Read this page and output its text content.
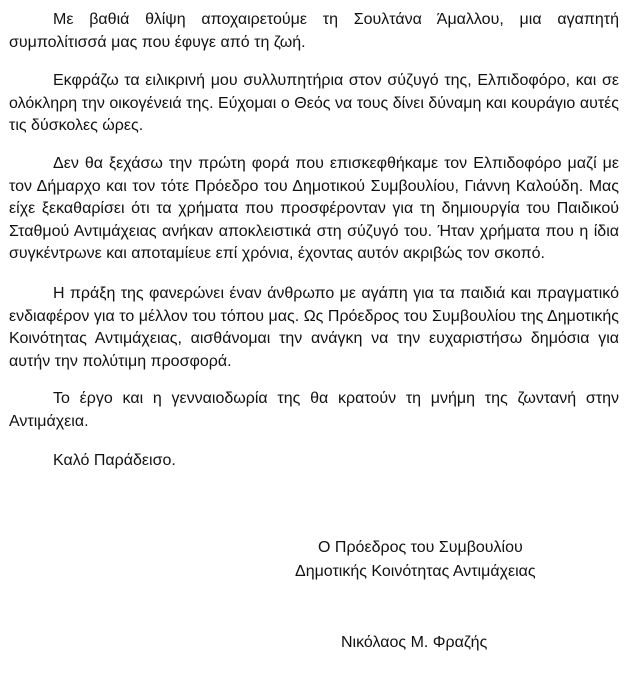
Με βαθιά θλίψη αποχαιρετούμε τη Σουλτάνα Άμαλλου, μια αγαπητή συμπολίτισσά μας που έφυγε από τη ζωή.

Εκφράζω τα ειλικρινή μου συλλυπητήρια στον σύζυγό της, Ελπιδοφόρο, και σε ολόκληρη την οικογένειά της. Εύχομαι ο Θεός να τους δίνει δύναμη και κουράγιο αυτές τις δύσκολες ώρες.

Δεν θα ξεχάσω την πρώτη φορά που επισκεφθήκαμε τον Ελπιδοφόρο μαζί με τον Δήμαρχο και τον τότε Πρόεδρο του Δημοτικού Συμβουλίου, Γιάννη Καλούδη. Μας είχε ξεκαθαρίσει ότι τα χρήματα που προσφέρονταν για τη δημιουργία του Παιδικού Σταθμού Αντιμάχειας ανήκαν αποκλειστικά στη σύζυγό του. Ήταν χρήματα που η ίδια συγκέντρωνε και αποταμίευε επί χρόνια, έχοντας αυτόν ακριβώς τον σκοπό.

Η πράξη της φανερώνει έναν άνθρωπο με αγάπη για τα παιδιά και πραγματικό ενδιαφέρον για το μέλλον του τόπου μας. Ως Πρόεδρος του Συμβουλίου της Δημοτικής Κοινότητας Αντιμάχειας, αισθάνομαι την ανάγκη να την ευχαριστήσω δημόσια για αυτήν την πολύτιμη προσφορά.

Το έργο και η γενναιοδωρία της θα κρατούν τη μνήμη της ζωντανή στην Αντιμάχεια.

Καλό Παράδεισο.

Ο Πρόεδρος του Συμβουλίου

Δημοτικής Κοινότητας Αντιμάχειας

Νικόλαος Μ. Φραζής
